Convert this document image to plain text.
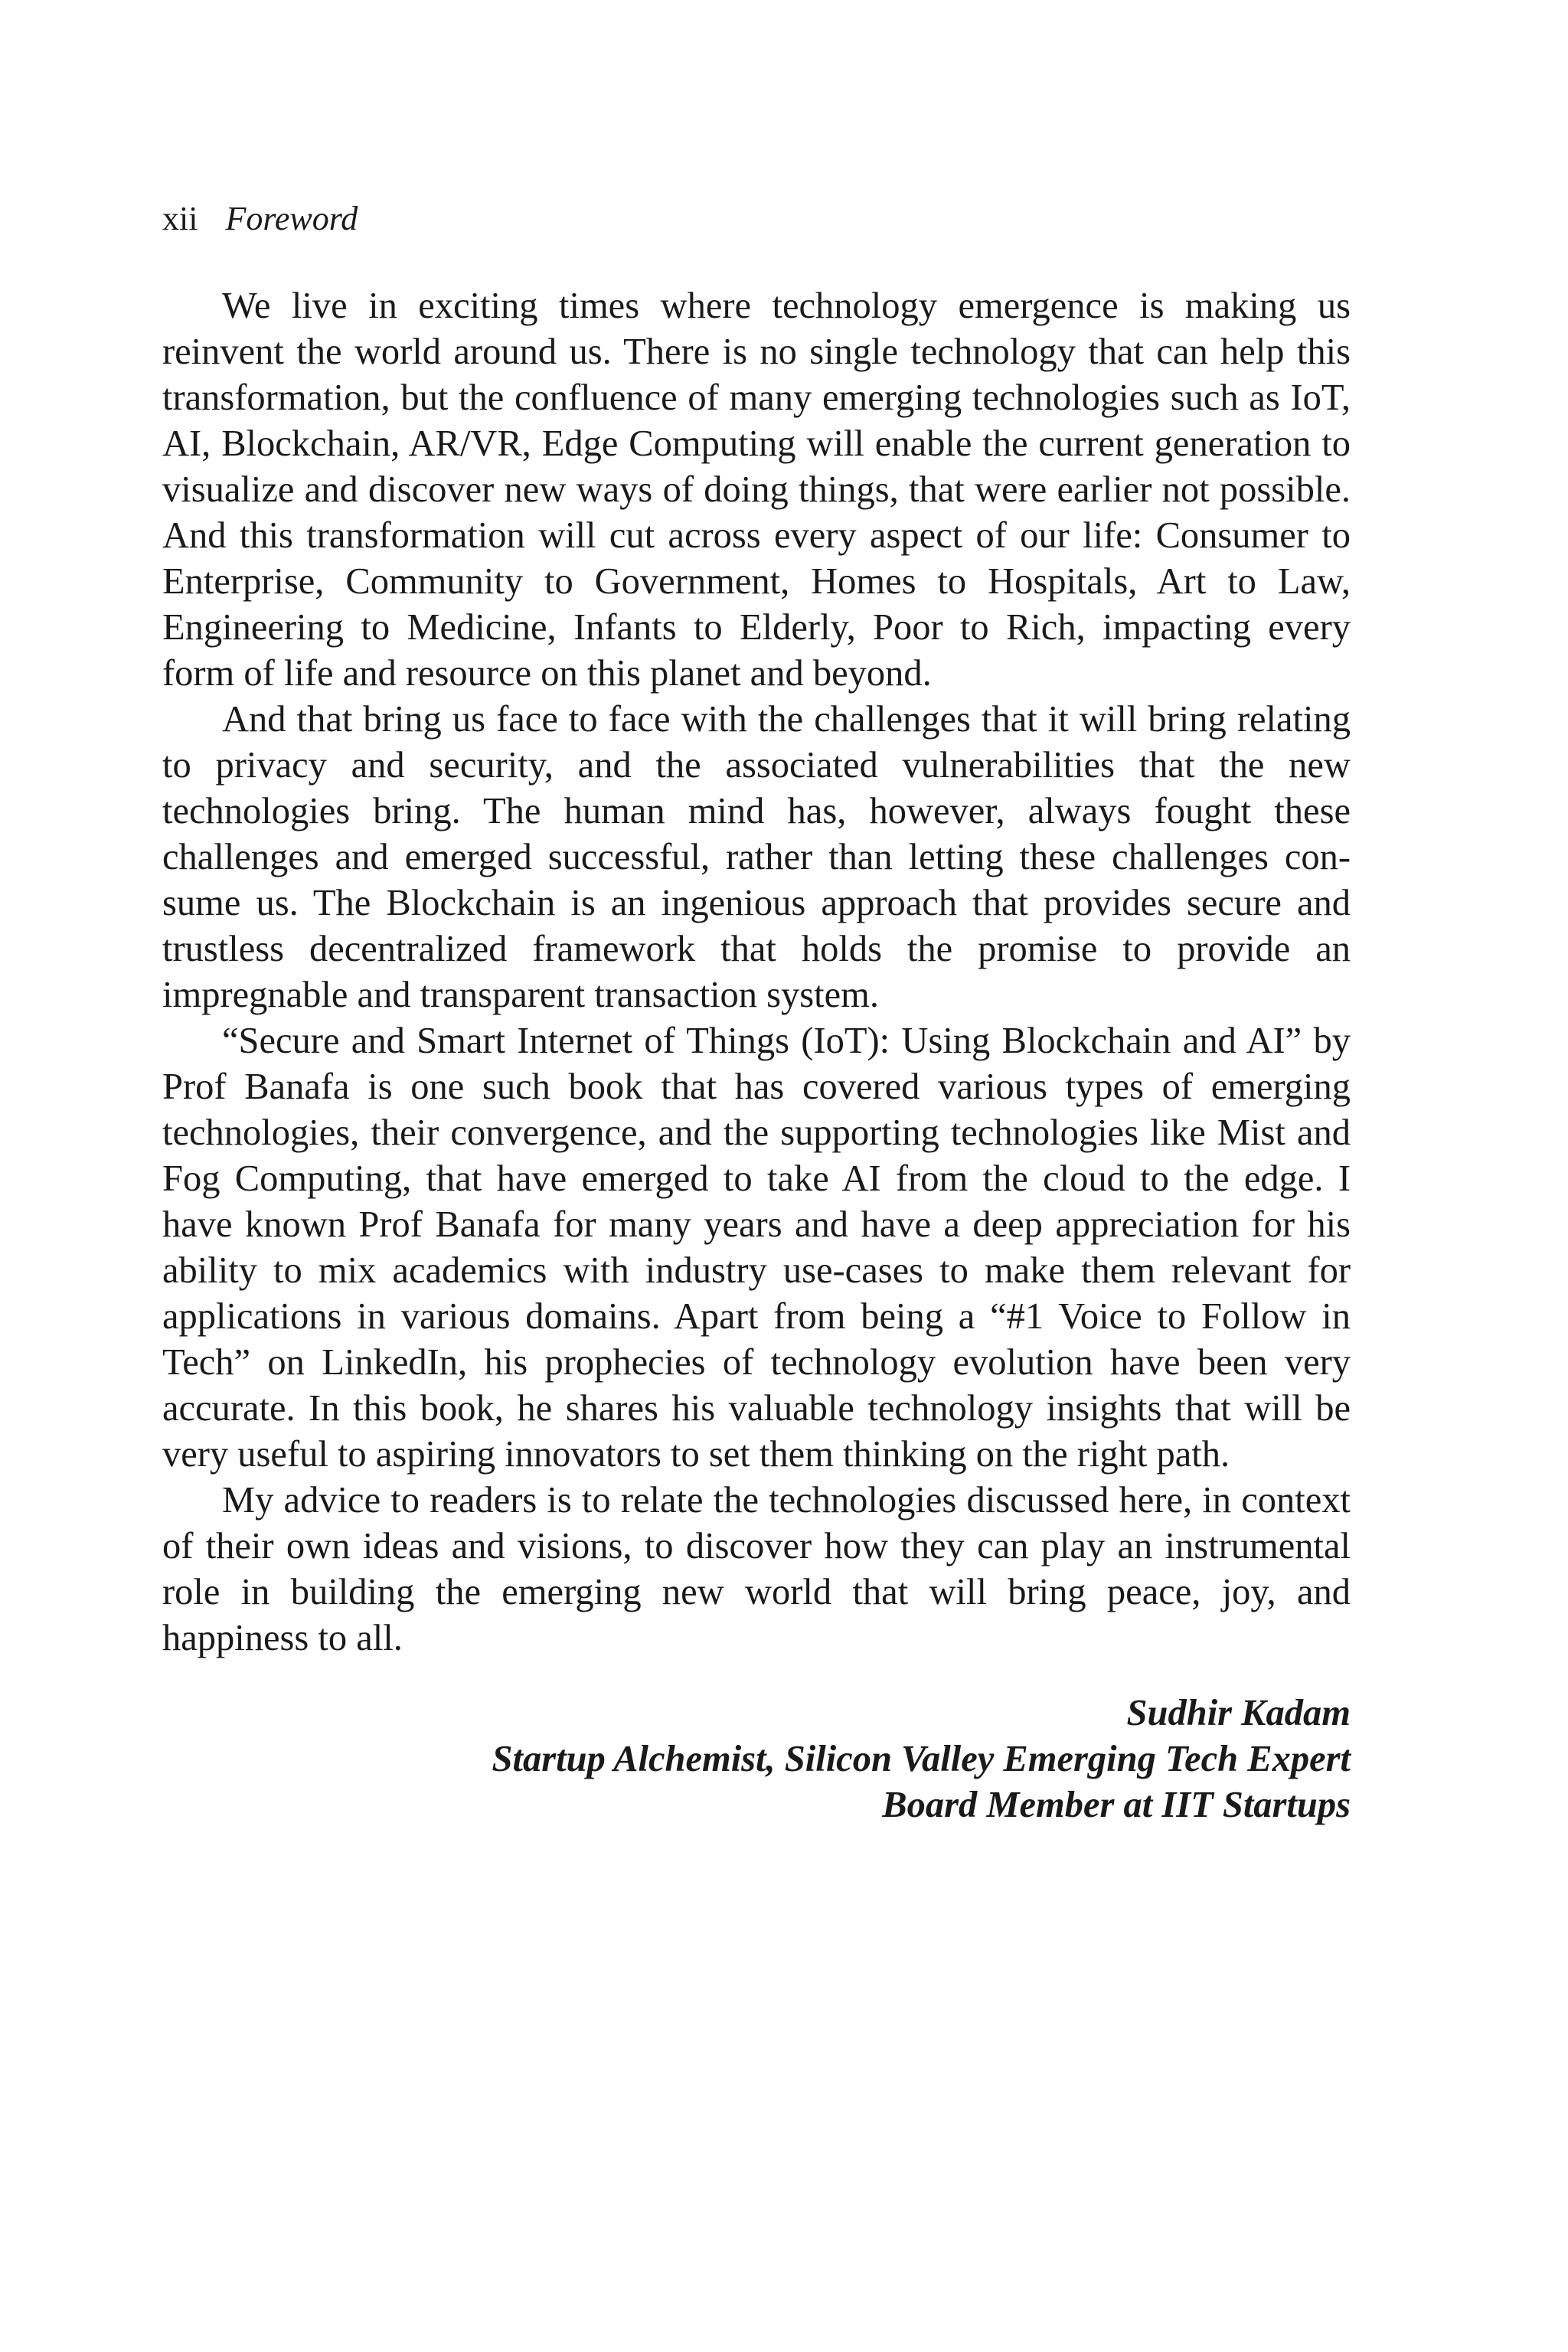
xii Foreword

We live in exciting times where technology emergence is making us reinvent the world around us. There is no single technology that can help this transformation, but the confluence of many emerging technologies such as IoT, AI, Blockchain, AR/VR, Edge Computing will enable the current generation to visualize and discover new ways of doing things, that were earlier not possible. And this transformation will cut across every aspect of our life: Consumer to Enterprise, Community to Government, Homes to Hospitals, Art to Law, Engineering to Medicine, Infants to Elderly, Poor to Rich, impacting every form of life and resource on this planet and beyond.

And that bring us face to face with the challenges that it will bring relating to privacy and security, and the associated vulnerabilities that the new technologies bring. The human mind has, however, always fought these challenges and emerged successful, rather than letting these challenges consume us. The Blockchain is an ingenious approach that provides secure and trustless decentralized framework that holds the promise to provide an impregnable and transparent transaction system.

“Secure and Smart Internet of Things (IoT): Using Blockchain and AI” by Prof Banafa is one such book that has covered various types of emerging technologies, their convergence, and the supporting technologies like Mist and Fog Computing, that have emerged to take AI from the cloud to the edge. I have known Prof Banafa for many years and have a deep appreciation for his ability to mix academics with industry use-cases to make them relevant for applications in various domains. Apart from being a “#1 Voice to Follow in Tech” on LinkedIn, his prophecies of technology evolution have been very accurate. In this book, he shares his valuable technology insights that will be very useful to aspiring innovators to set them thinking on the right path.

My advice to readers is to relate the technologies discussed here, in context of their own ideas and visions, to discover how they can play an instrumental role in building the emerging new world that will bring peace, joy, and happiness to all.

Sudhir Kadam
Startup Alchemist, Silicon Valley Emerging Tech Expert
Board Member at IIT Startups
